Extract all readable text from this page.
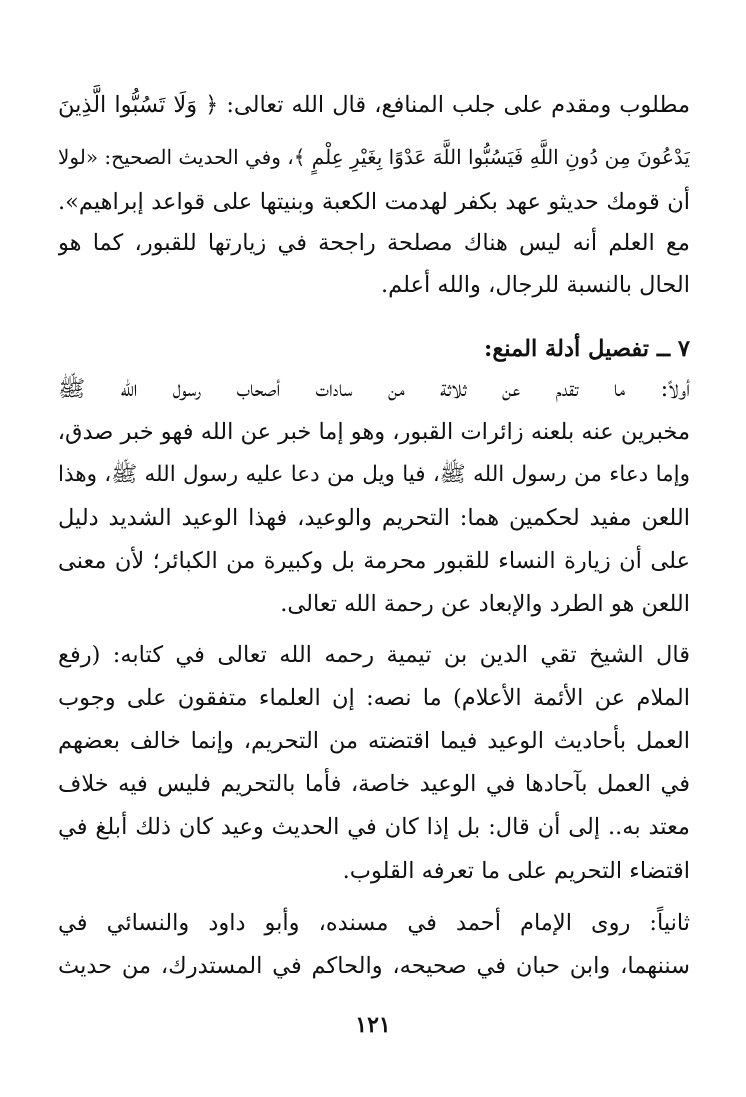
مطلوب ومقدم على جلب المنافع، قال الله تعالى: ﴿ وَلَا تَسُبُّوا الَّذِينَ
يَدْعُونَ مِن دُونِ اللَّهِ فَيَسُبُّوا اللَّهَ عَدْوًا بِغَيْرِ عِلْمٍ ﴾، وفي الحديث الصحيح: «لولا
أن قومك حديثو عهد بكفر لهدمت الكعبة وبنيتها على قواعد إبراهيم».
مع العلم أنه ليس هناك مصلحة راجحة في زيارتها للقبور، كما هو
الحال بالنسبة للرجال، والله أعلم.
٧ ــ تفصيل أدلة المنع:
أولاً: ما تقدم عن ثلاثة من سادات أصحاب رسول الله ﷺ
مخبرين عنه بلعنه زائرات القبور، وهو إما خبر عن الله فهو خبر صدق،
وإما دعاء من رسول الله ﷺ، فيا ويل من دعا عليه رسول الله ﷺ، وهذا
اللعن مفيد لحكمين هما: التحريم والوعيد، فهذا الوعيد الشديد دليل
على أن زيارة النساء للقبور محرمة بل وكبيرة من الكبائر؛ لأن معنى
اللعن هو الطرد والإبعاد عن رحمة الله تعالى.
قال الشيخ تقي الدين بن تيمية رحمه الله تعالى في كتابه: (رفع
الملام عن الأئمة الأعلام) ما نصه: إن العلماء متفقون على وجوب
العمل بأحاديث الوعيد فيما اقتضته من التحريم، وإنما خالف بعضهم
في العمل بآحادها في الوعيد خاصة، فأما بالتحريم فليس فيه خلاف
معتد به.. إلى أن قال: بل إذا كان في الحديث وعيد كان ذلك أبلغ في
اقتضاء التحريم على ما تعرفه القلوب.
ثانياً: روى الإمام أحمد في مسنده، وأبو داود والنسائي في
سننهما، وابن حبان في صحيحه، والحاكم في المستدرك، من حديث
١٢١
